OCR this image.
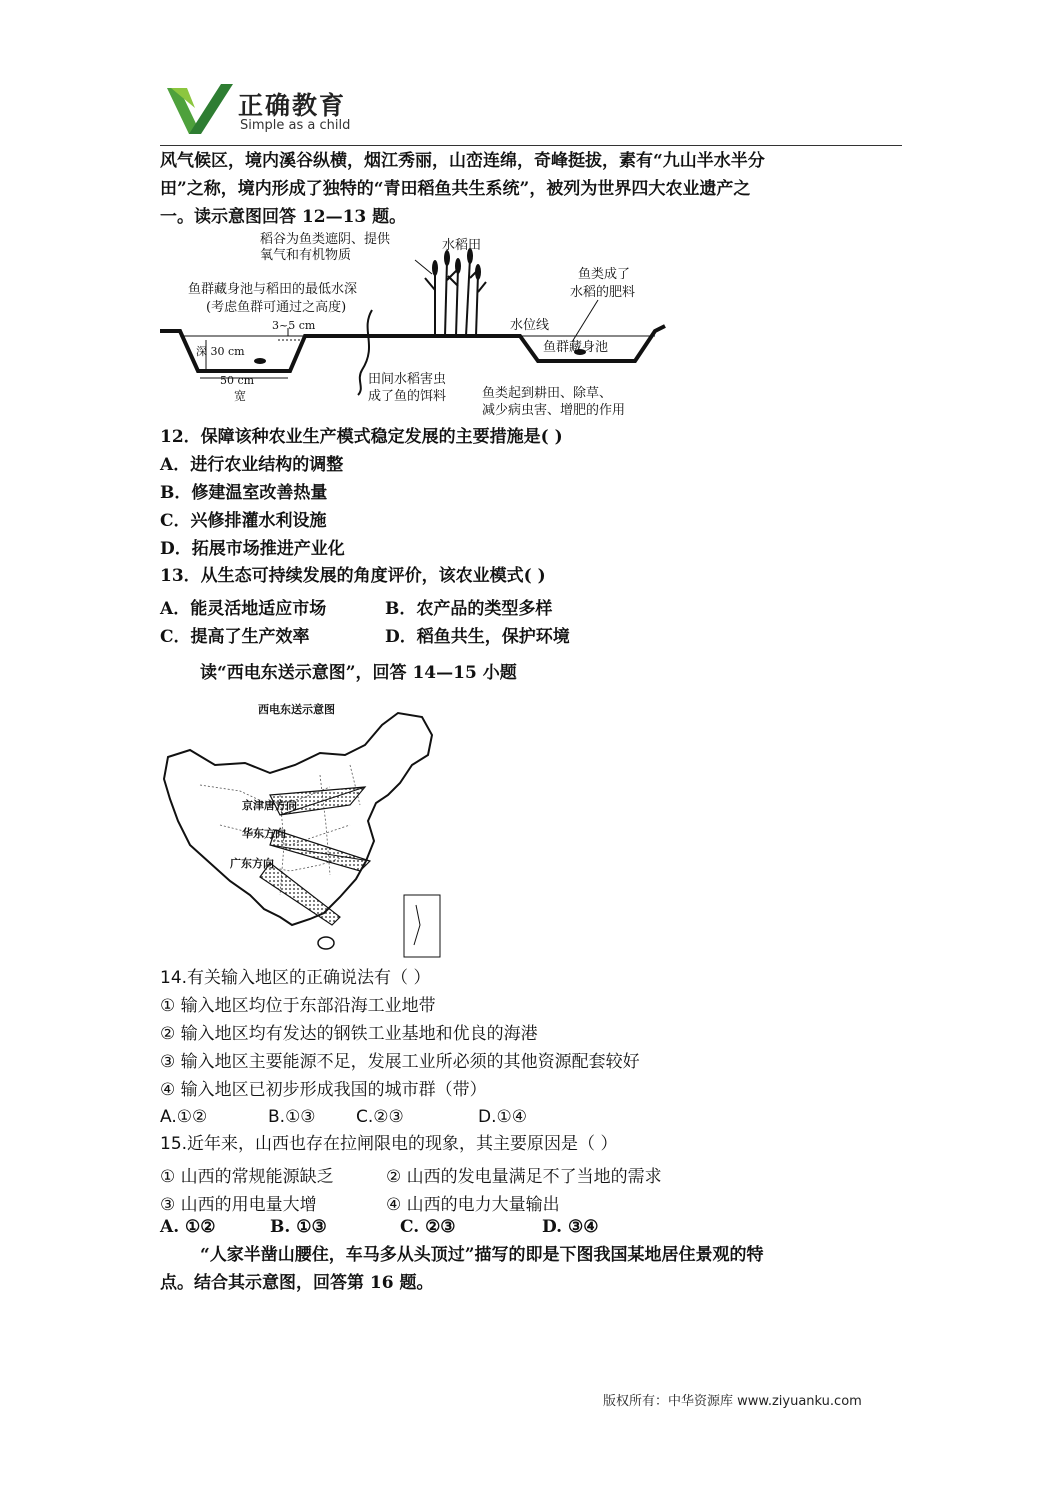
正确教育
Simple as a child
风气候区，境内溪谷纵横，烟江秀丽，山峦连绵，奇峰挺拔，素有“九山半水半分
田”之称，境内形成了独特的“青田稻鱼共生系统”，被列为世界四大农业遗产之
一。读示意图回答 12—13 题。
稻谷为鱼类遮阴、提供
氧气和有机物质
水稻田
鱼群藏身池与稻田的最低水深
(考虑鱼群可通过之高度)
3~5 cm
鱼类成了
水稻的肥料
水位线
鱼群藏身池
深 30 cm
50 cm
宽
田间水稻害虫
成了鱼的饵料	鱼类起到耕田、除草、
减少病虫害、增肥的作用
12．保障该种农业生产模式稳定发展的主要措施是( )
A．进行农业结构的调整
B．修建温室改善热量
C．兴修排灌水利设施
D．拓展市场推进产业化
13．从生态可持续发展的角度评价，该农业模式( )
A．能灵活地适应市场	B．农产品的类型多样
C．提高了生产效率	D．稻鱼共生，保护环境
读“西电东送示意图”，回答 14—15 小题
西电东送示意图
京津唐方向
华东方向
广东方向
14.有关输入地区的正确说法有（ ）
① 输入地区均位于东部沿海工业地带
② 输入地区均有发达的钢铁工业基地和优良的海港
③ 输入地区主要能源不足，发展工业所必须的其他资源配套较好
④ 输入地区已初步形成我国的城市群（带）
A.①②	B.①③ C.②③	D.①④
15.近年来，山西也存在拉闸限电的现象，其主要原因是（ ）
① 山西的常规能源缺乏	② 山西的发电量满足不了当地的需求
③ 山西的用电量大增	④ 山西的电力大量输出
A. ①②	B. ①③	C. ②③	D. ③④
“人家半凿山腰住，车马多从头顶过”描写的即是下图我国某地居住景观的特
点。结合其示意图，回答第 16 题。
版权所有：中华资源库 www.ziyuanku.com
